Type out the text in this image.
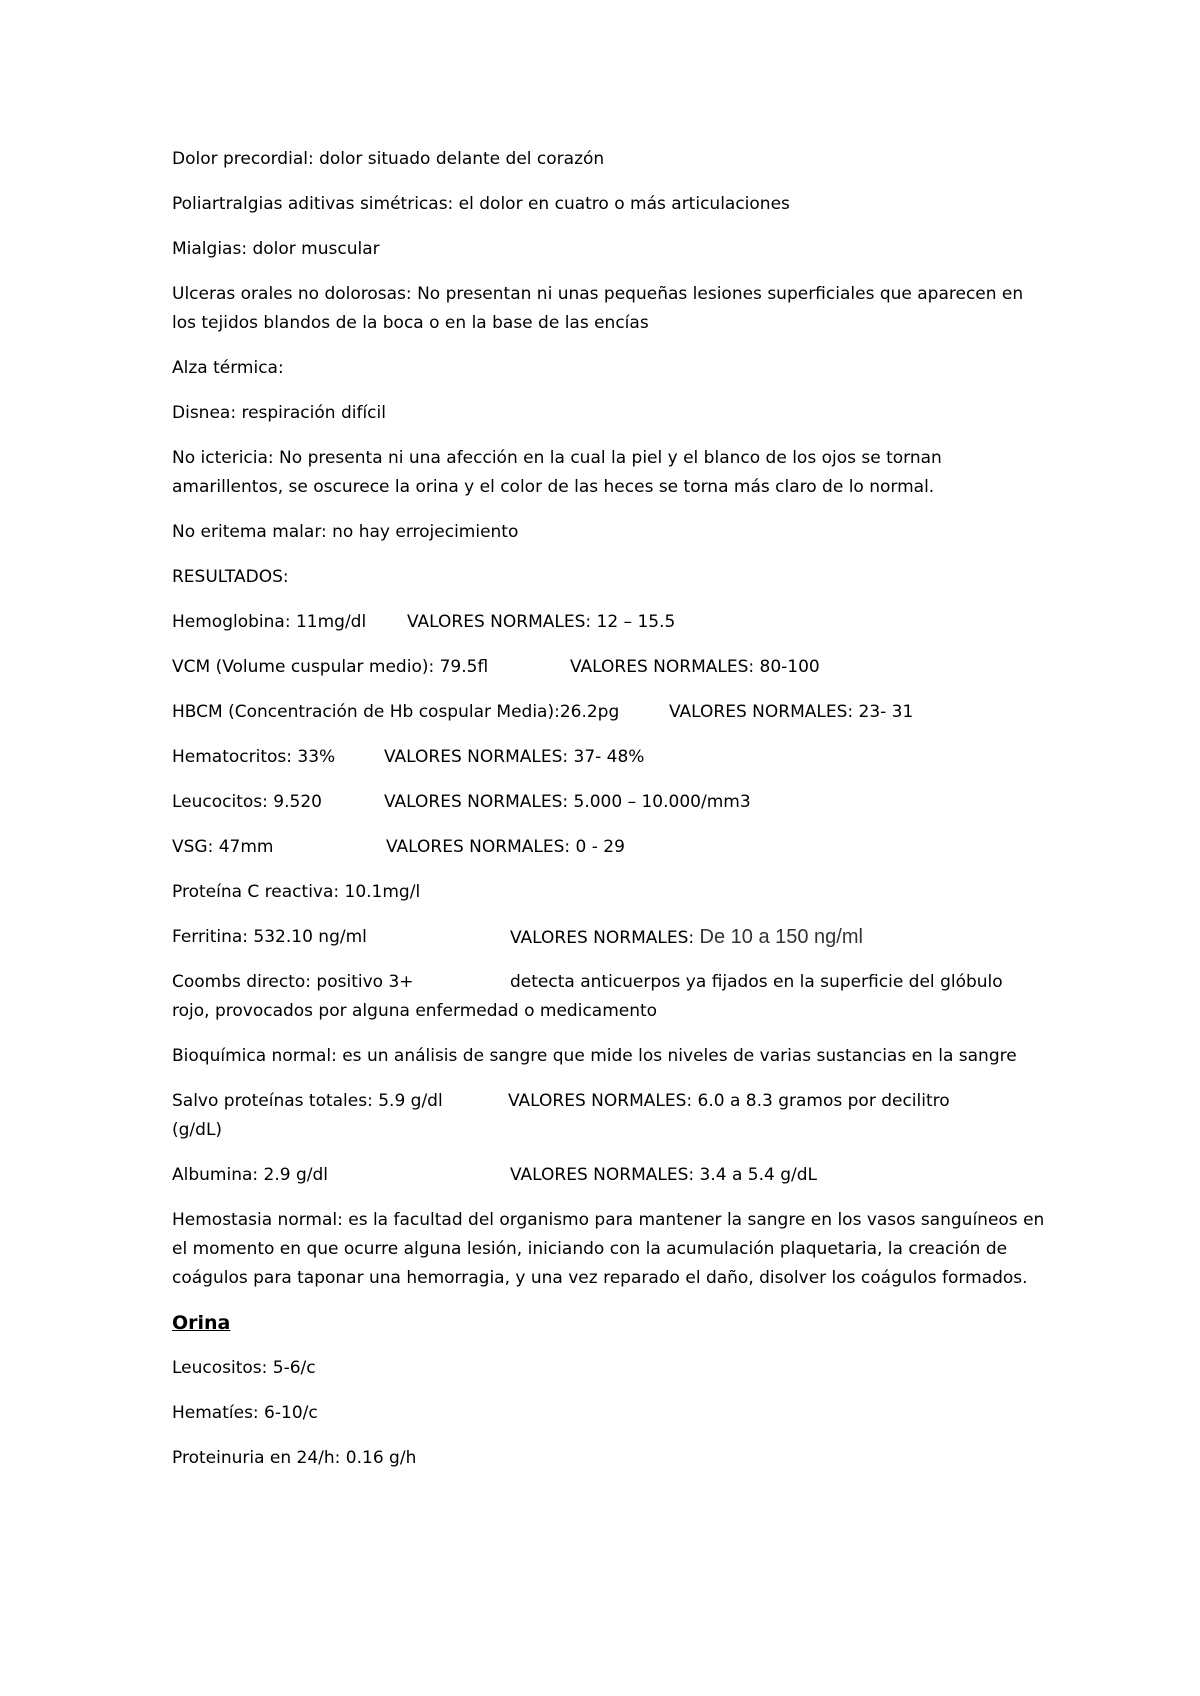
Dolor precordial: dolor situado delante del corazón

Poliartralgias aditivas simétricas: el dolor en cuatro o más articulaciones

Mialgias: dolor muscular

Ulceras orales no dolorosas: No presentan ni unas pequeñas lesiones superficiales que aparecen en los tejidos blandos de la boca o en la base de las encías

Alza térmica:

Disnea: respiración difícil

No ictericia: No presenta ni una afección en la cual la piel y el blanco de los ojos se tornan amarillentos, se oscurece la orina y el color de las heces se torna más claro de lo normal.

No eritema malar: no hay errojecimiento

RESULTADOS:

Hemoglobina: 11mg/dl VALORES NORMALES: 12 – 15.5
VCM (Volume cuspular medio): 79.5fl	VALORES NORMALES: 80-100
HBCM (Concentración de Hb cospular Media):26.2pg	VALORES NORMALES: 23- 31
Hematocritos: 33%	VALORES NORMALES: 37- 48%
Leucocitos: 9.520	VALORES NORMALES: 5.000 – 10.000/mm3
VSG: 47mm	VALORES NORMALES: 0 - 29

Proteína C reactiva: 10.1mg/l

Ferritina: 532.10 ng/ml	VALORES NORMALES: De 10 a 150 ng/ml
Coombs directo: positivo 3+	detecta anticuerpos ya fijados en la superficie del glóbulo
rojo, provocados por alguna enfermedad o medicamento

Bioquímica normal: es un análisis de sangre que mide los niveles de varias sustancias en la sangre

Salvo proteínas totales: 5.9 g/dl	VALORES NORMALES: 6.0 a 8.3 gramos por decilitro
(g/dL)
Albumina: 2.9 g/dl	VALORES NORMALES: 3.4 a 5.4 g/dL

Hemostasia normal: es la facultad del organismo para mantener la sangre en los vasos sanguíneos en el momento en que ocurre alguna lesión, iniciando con la acumulación plaquetaria, la creación de coágulos para taponar una hemorragia, y una vez reparado el daño, disolver los coágulos formados.

Orina

Leucositos: 5-6/c

Hematíes: 6-10/c

Proteinuria en 24/h: 0.16 g/h
